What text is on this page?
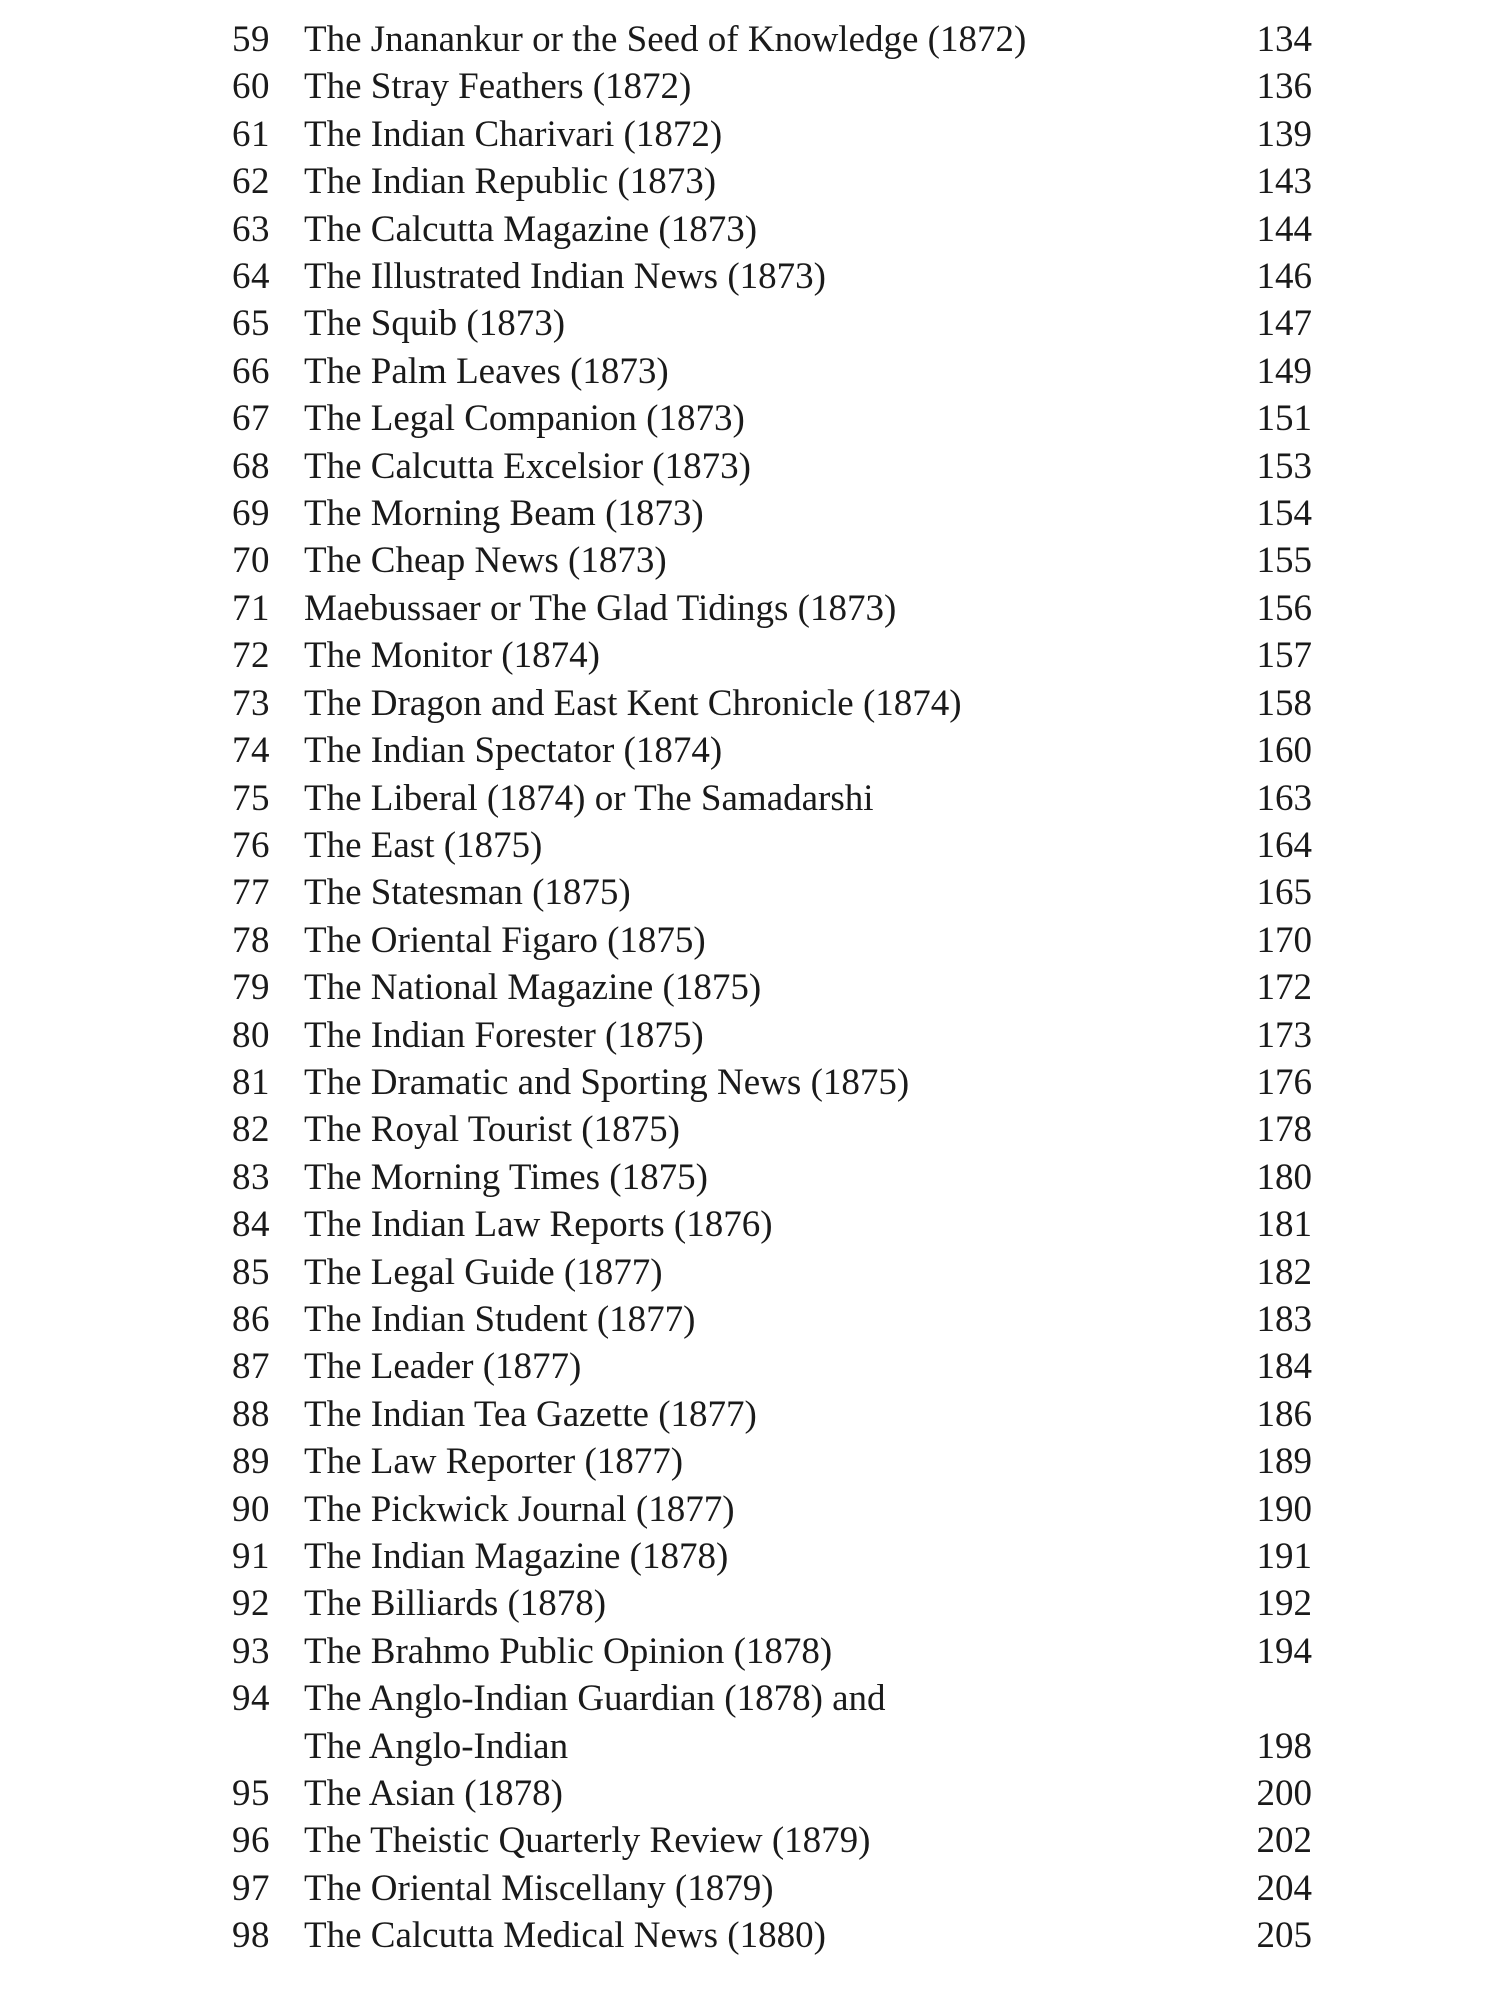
59 The Jnanankur or the Seed of Knowledge (1872)	134
60 The Stray Feathers (1872)	136
61 The Indian Charivari (1872)	139
62 The Indian Republic (1873)	143
63 The Calcutta Magazine (1873)	144
64 The Illustrated Indian News (1873)	146
65 The Squib (1873)	147
66 The Palm Leaves (1873)	149
67 The Legal Companion (1873)	151
68 The Calcutta Excelsior (1873)	153
69 The Morning Beam (1873)	154
70 The Cheap News (1873)	155
71 Maebussaer or The Glad Tidings (1873)	156
72 The Monitor (1874)	157
73 The Dragon and East Kent Chronicle (1874)	158
74 The Indian Spectator (1874)	160
75 The Liberal (1874) or The Samadarshi	163
76 The East (1875)	164
77 The Statesman (1875)	165
78 The Oriental Figaro (1875)	170
79 The National Magazine (1875)	172
80 The Indian Forester (1875)	173
81 The Dramatic and Sporting News (1875)	176
82 The Royal Tourist (1875)	178
83 The Morning Times (1875)	180
84 The Indian Law Reports (1876)	181
85 The Legal Guide (1877)	182
86 The Indian Student (1877)	183
87 The Leader (1877)	184
88 The Indian Tea Gazette (1877)	186
89 The Law Reporter (1877)	189
90 The Pickwick Journal (1877)	190
91 The Indian Magazine (1878)	191
92 The Billiards (1878)	192
93 The Brahmo Public Opinion (1878)	194
94 The Anglo-Indian Guardian (1878) and
The Anglo-Indian	198
95 The Asian (1878)	200
96 The Theistic Quarterly Review (1879)	202
97 The Oriental Miscellany (1879)	204
98 The Calcutta Medical News (1880)	205
